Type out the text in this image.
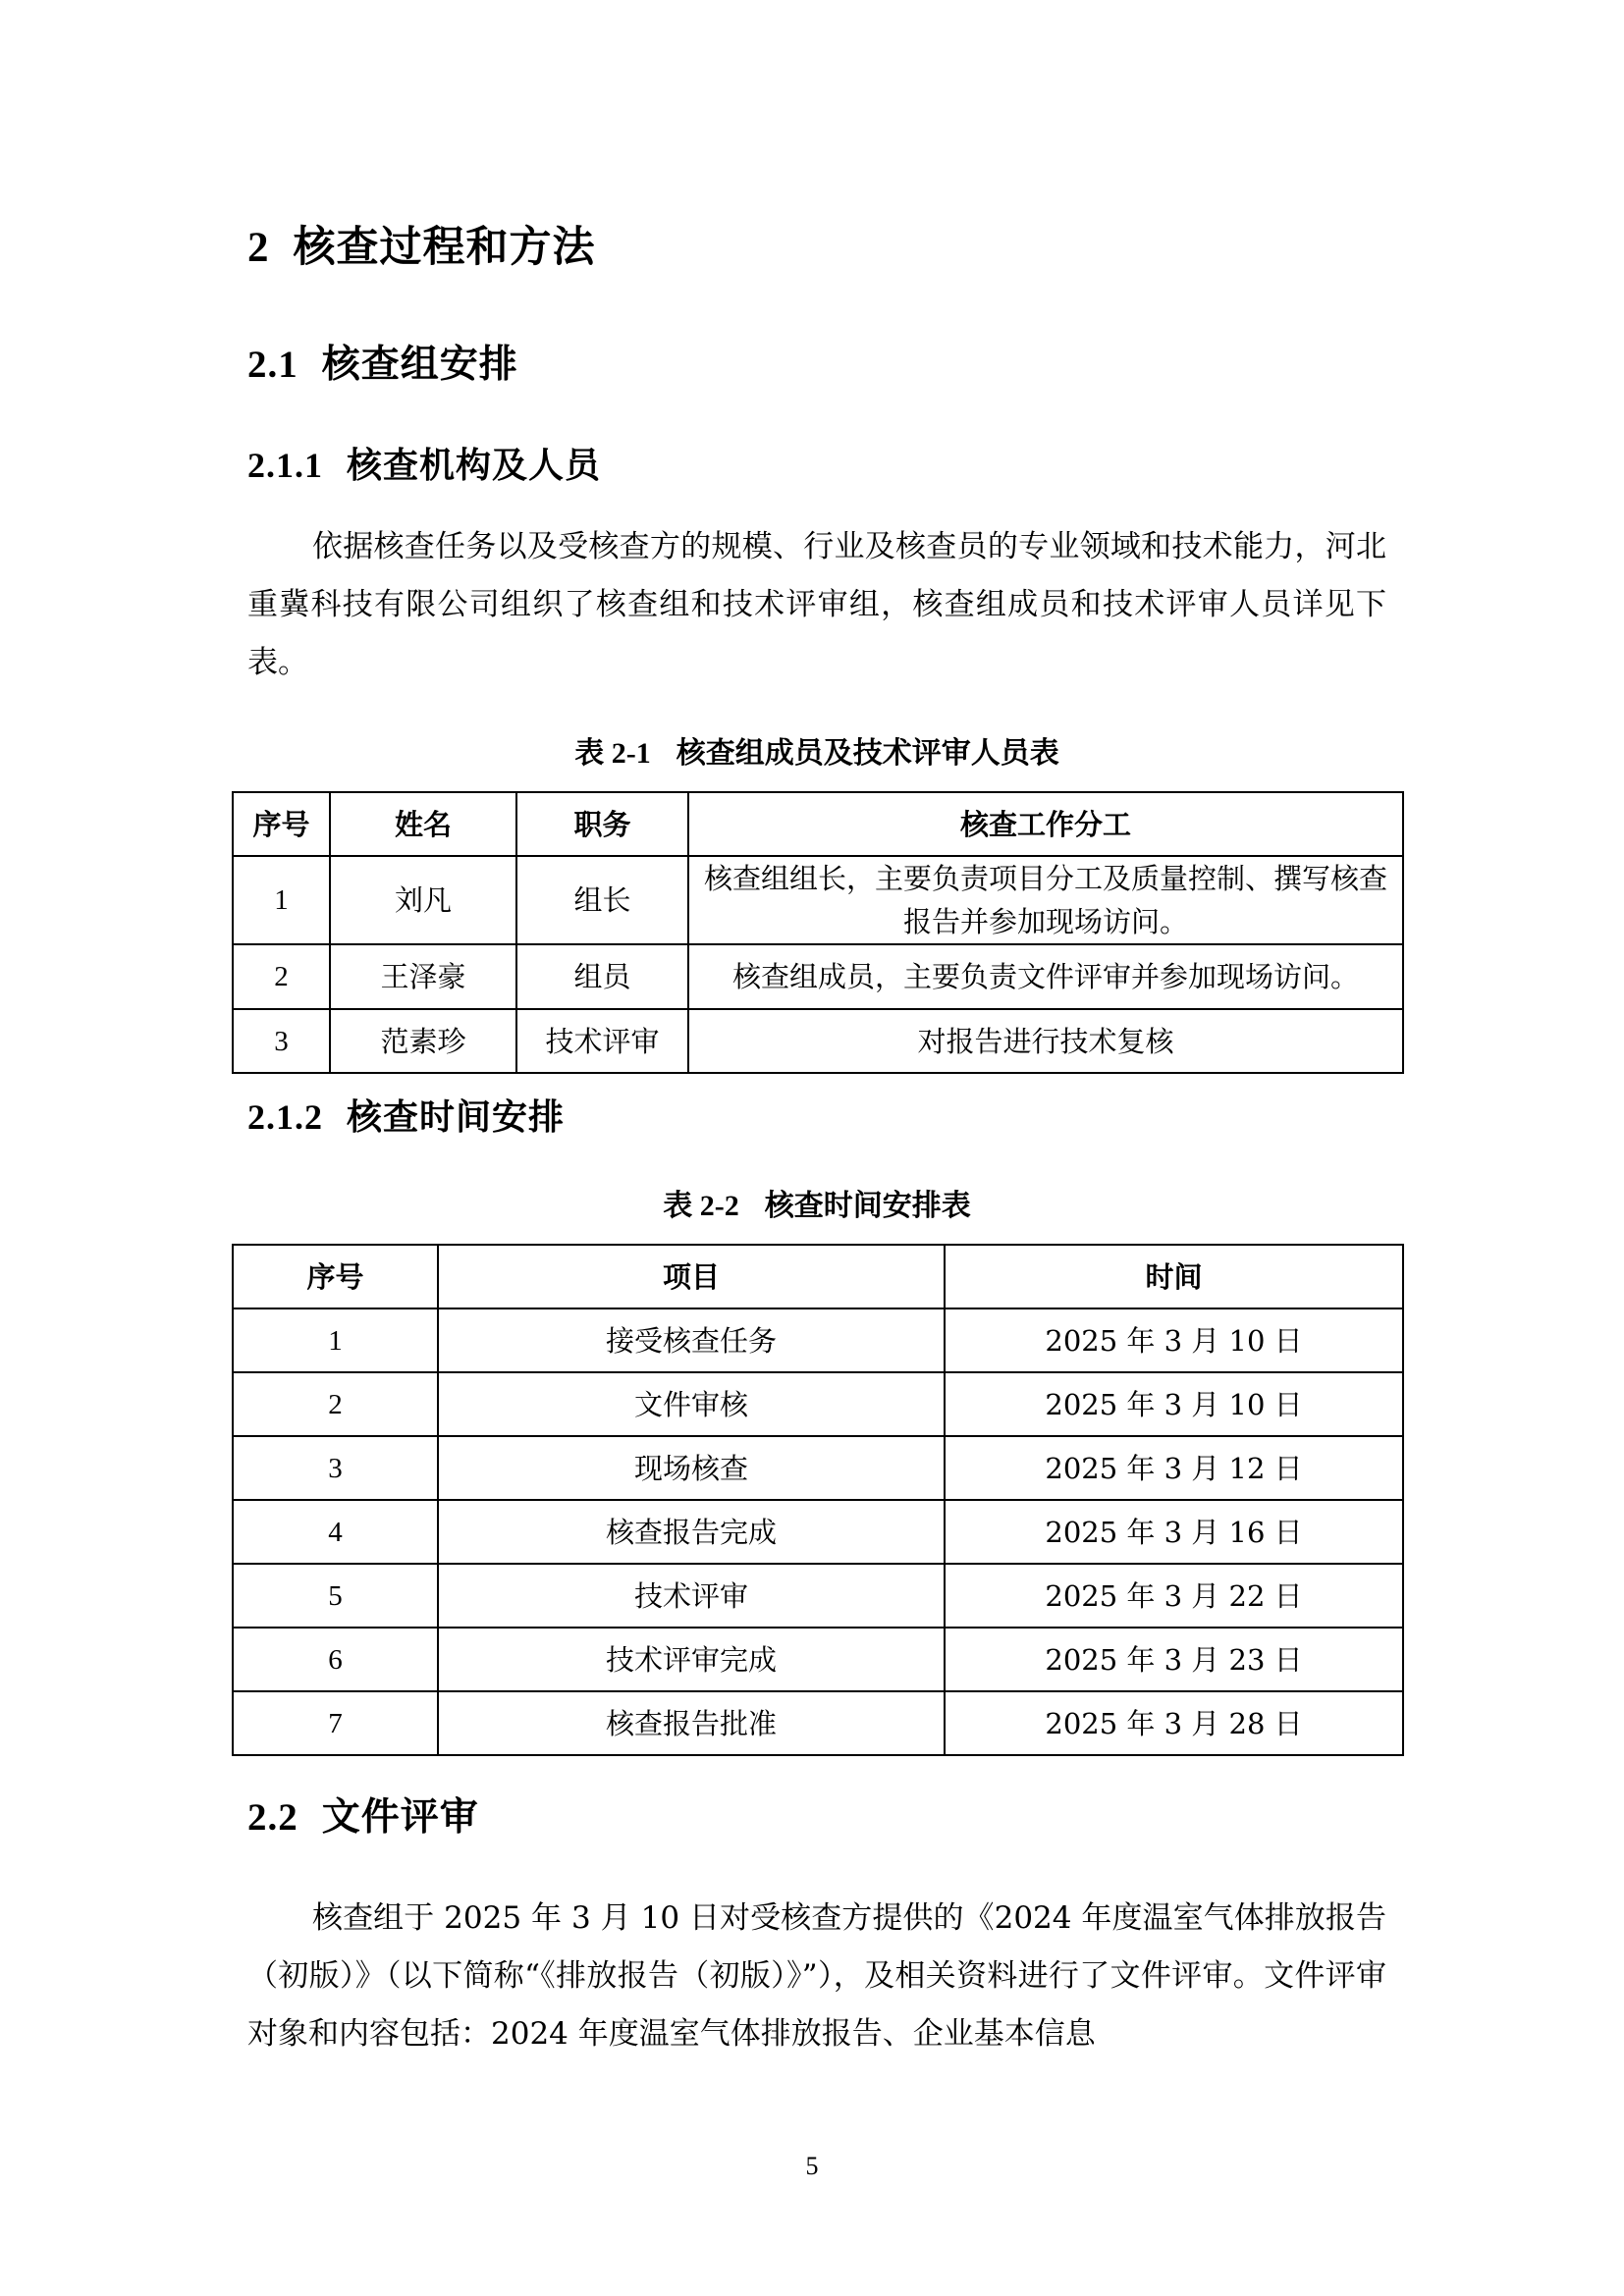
2 核查过程和方法
2.1 核查组安排
2.1.1 核查机构及人员

依据核查任务以及受核查方的规模、行业及核查员的专业领域和技术能力，河北重冀科技有限公司组织了核查组和技术评审组，核查组成员和技术评审人员详见下表。

表 2-1 核查组成员及技术评审人员表
序号	姓名	职务	核查工作分工
1	刘凡	组长	核查组组长，主要负责项目分工及质量控制、撰写核查报告并参加现场访问。
2	王泽豪	组员	核查组成员，主要负责文件评审并参加现场访问。
3	范素珍	技术评审	对报告进行技术复核
2.1.2 核查时间安排
表 2-2 核查时间安排表
序号	项目	时间
1	接受核查任务	2025 年 3 月 10 日
2	文件审核	2025 年 3 月 10 日
3	现场核查	2025 年 3 月 12 日
4	核查报告完成	2025 年 3 月 16 日
5	技术评审	2025 年 3 月 22 日
6	技术评审完成	2025 年 3 月 23 日
7	核查报告批准	2025 年 3 月 28 日
2.2 文件评审

核查组于 2025 年 3 月 10 日对受核查方提供的《2024 年度温室气体排放报告（初版）》（以下简称“《排放报告（初版）》”），及相关资料进行了文件评审。文件评审对象和内容包括：2024 年度温室气体排放报告、企业基本信息

5
